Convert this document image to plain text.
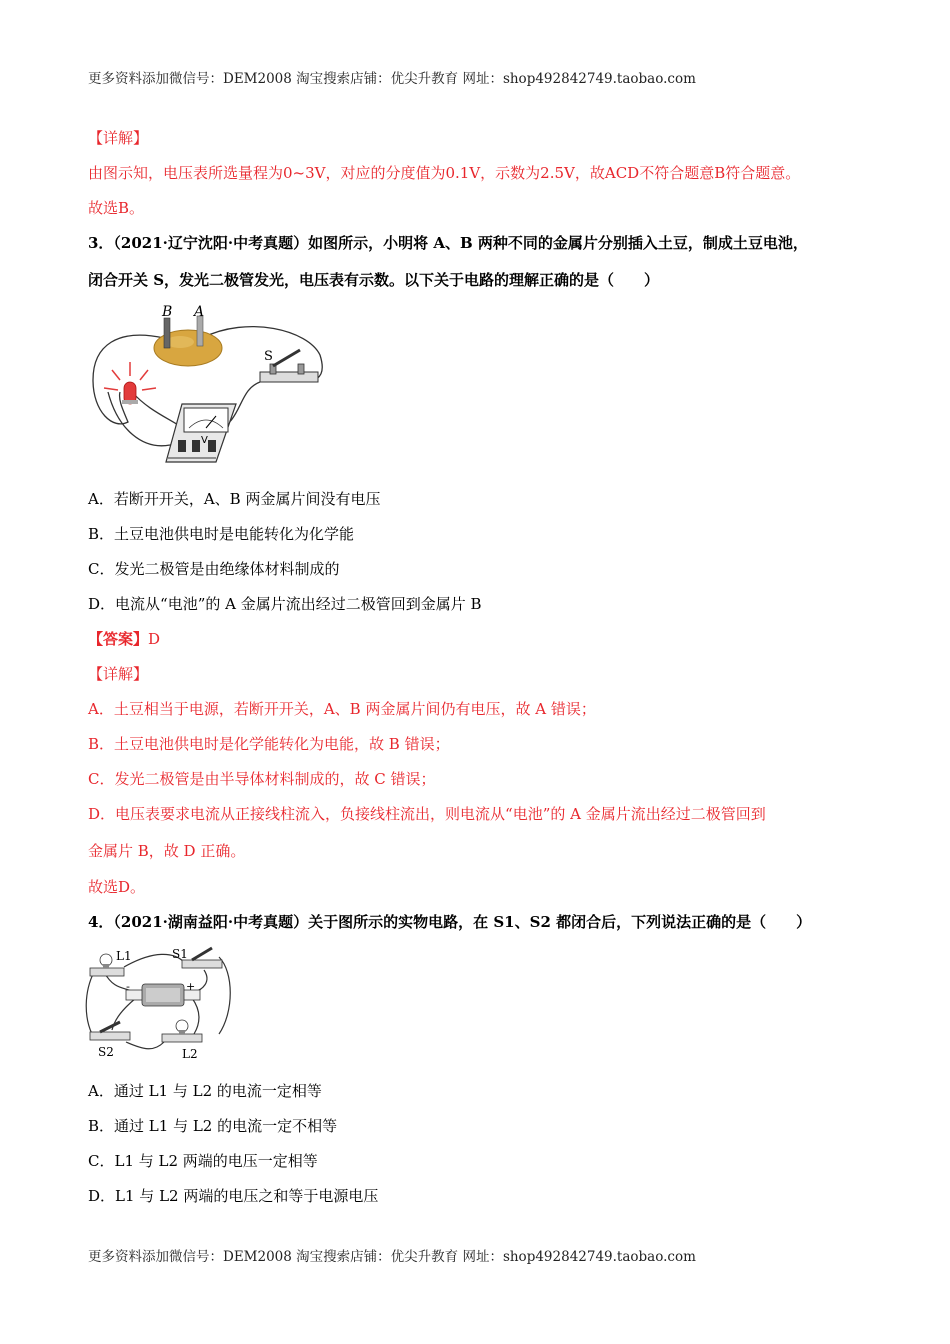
更多资料添加微信号：DEM2008 淘宝搜索店铺：优尖升教育 网址：shop492842749.taobao.com
【详解】
由图示知，电压表所选量程为0~3V，对应的分度值为0.1V，示数为2.5V，故ACD不符合题意B符合题意。
故选B。
3．（2021·辽宁沈阳·中考真题）如图所示，小明将 A、B 两种不同的金属片分别插入土豆，制成土豆电池，
闭合开关 S，发光二极管发光，电压表有示数。以下关于电路的理解正确的是（　　）
B A
S
V
A．若断开开关，A、B 两金属片间没有电压
B．土豆电池供电时是电能转化为化学能
C．发光二极管是由绝缘体材料制成的
D．电流从“电池”的 A 金属片流出经过二极管回到金属片 B
【答案】D
【详解】
A．土豆相当于电源，若断开开关，A、B 两金属片间仍有电压，故 A 错误；
B．土豆电池供电时是化学能转化为电能，故 B 错误；
C．发光二极管是由半导体材料制成的，故 C 错误；
D．电压表要求电流从正接线柱流入，负接线柱流出，则电流从“电池”的 A 金属片流出经过二极管回到
金属片 B，故 D 正确。
故选D。
4．（2021·湖南益阳·中考真题）关于图所示的实物电路，在 S1、S2 都闭合后，下列说法正确的是（　　）
L1	S1
-	+
S2	L2
A．通过 L1 与 L2 的电流一定相等
B．通过 L1 与 L2 的电流一定不相等
C．L1 与 L2 两端的电压一定相等
D．L1 与 L2 两端的电压之和等于电源电压
更多资料添加微信号：DEM2008 淘宝搜索店铺：优尖升教育 网址：shop492842749.taobao.com
